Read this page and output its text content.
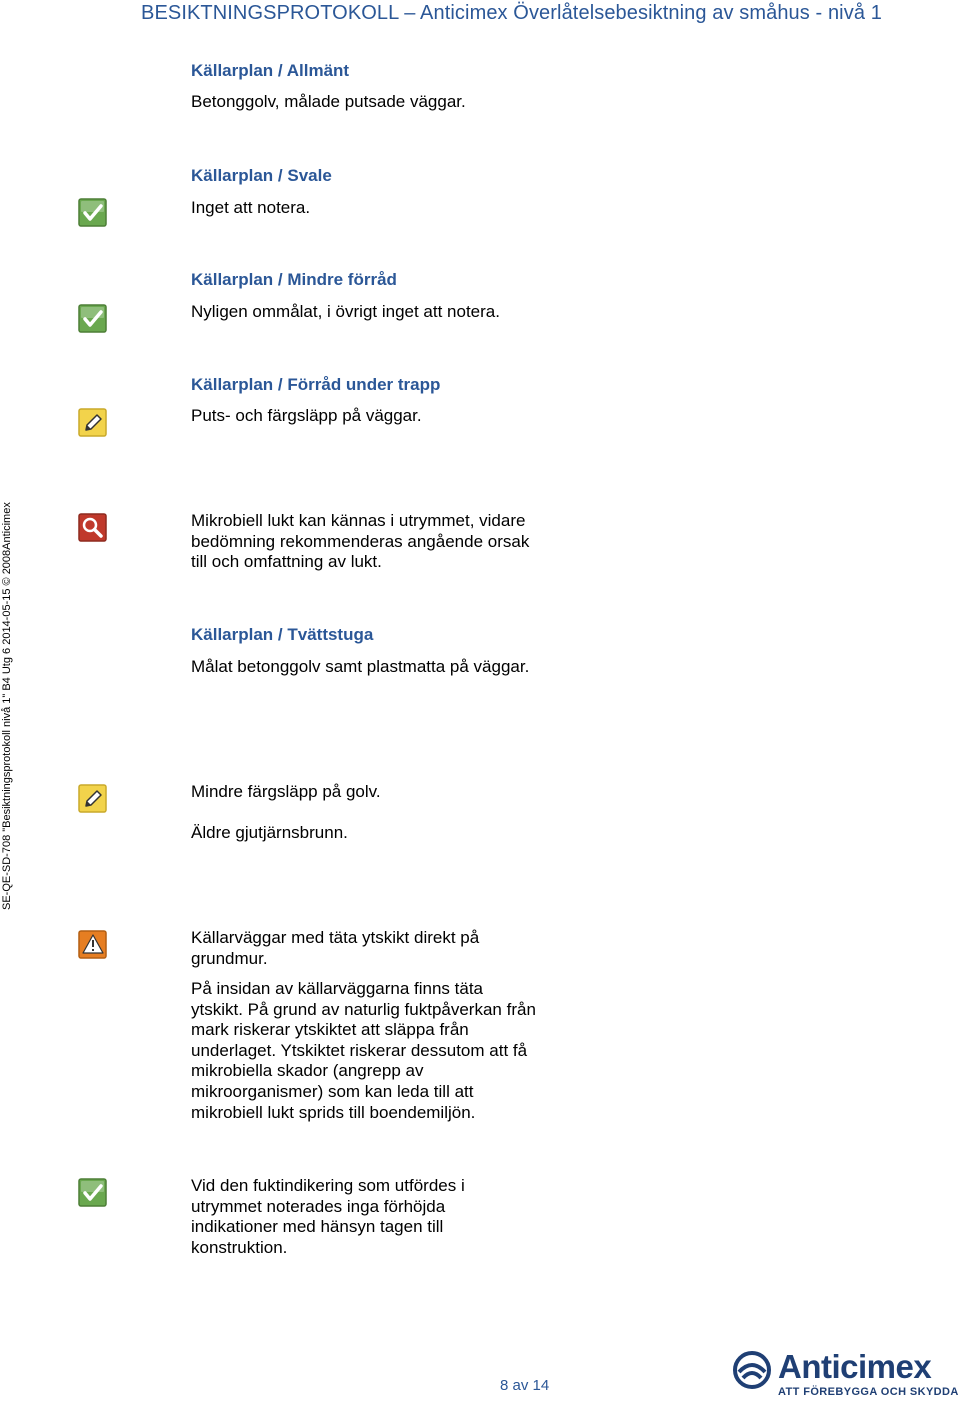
BESIKTNINGSPROTOKOLL – Anticimex Överlåtelsebesiktning av småhus - nivå 1
SE-QE-SD-708 "Besiktningsprotokoll nivå 1" B4 Utg 6 2014-05-15 © 2008Anticimex
Källarplan / Allmänt
Betonggolv, målade putsade väggar.
Källarplan / Svale
Inget att notera.
Källarplan / Mindre förråd
Nyligen ommålat, i övrigt inget att notera.
Källarplan / Förråd under trapp
Puts- och färgsläpp på väggar.
Mikrobiell lukt kan kännas i utrymmet, vidare bedömning rekommenderas angående orsak till och omfattning av lukt.
Källarplan / Tvättstuga
Målat betonggolv samt plastmatta på väggar.
Mindre färgsläpp på golv.
Äldre gjutjärnsbrunn.
Källarväggar med täta ytskikt direkt på grundmur.
På insidan av källarväggarna finns täta ytskikt. På grund av naturlig fuktpåverkan från mark riskerar ytskiktet att släppa från underlaget. Ytskiktet riskerar dessutom att få mikrobiella skador (angrepp av mikroorganismer) som kan leda till att mikrobiell lukt sprids till boendemiljön.
Vid den fuktindikering som utfördes i utrymmet noterades inga förhöjda indikationer med hänsyn tagen till konstruktion.
8 av 14
Anticimex
ATT FÖREBYGGA OCH SKYDDA
